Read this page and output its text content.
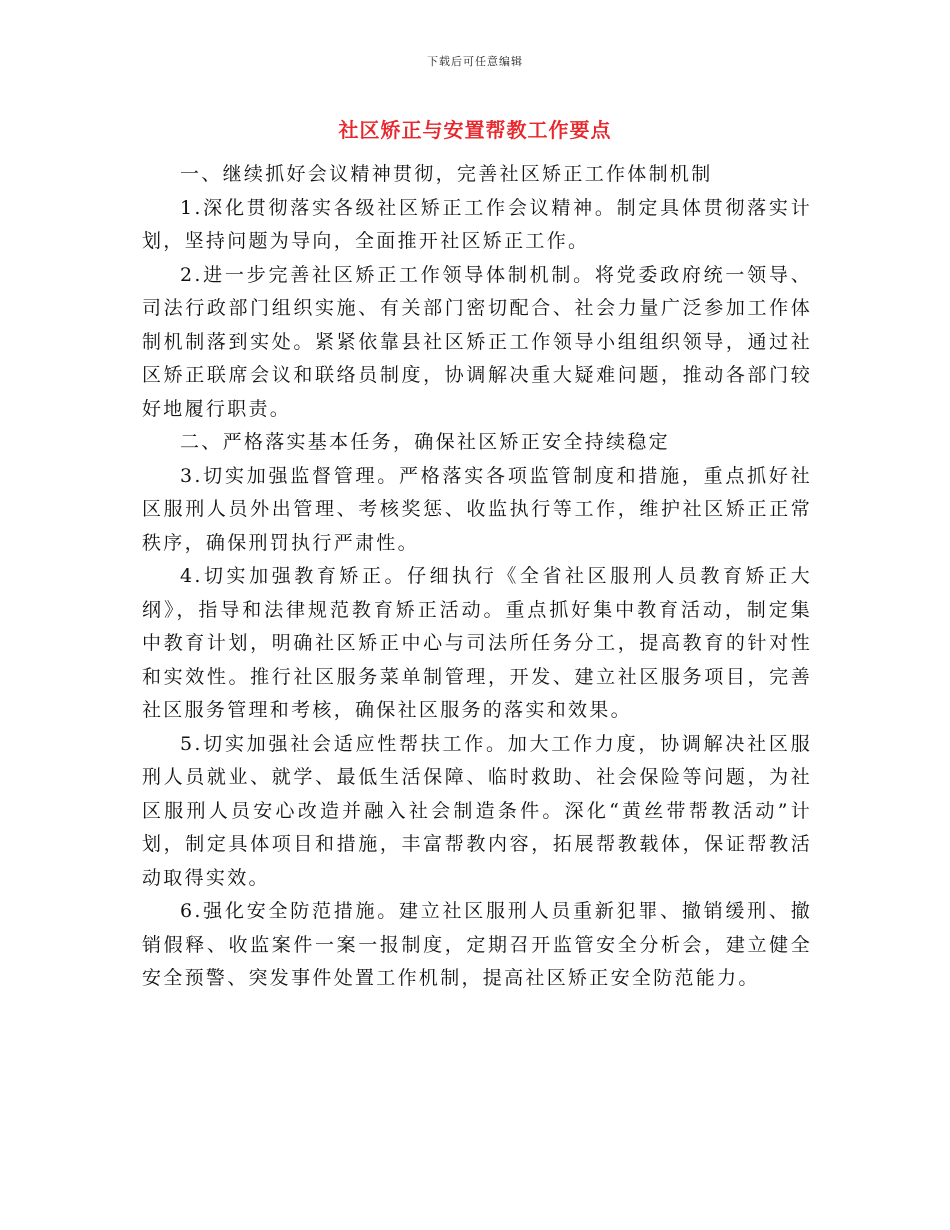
下载后可任意编辑
社区矫正与安置帮教工作要点

一、继续抓好会议精神贯彻，完善社区矫正工作体制机制

1.深化贯彻落实各级社区矫正工作会议精神。制定具体贯彻落实计划，坚持问题为导向，全面推开社区矫正工作。

2.进一步完善社区矫正工作领导体制机制。将党委政府统一领导、司法行政部门组织实施、有关部门密切配合、社会力量广泛参加工作体制机制落到实处。紧紧依靠县社区矫正工作领导小组组织领导，通过社区矫正联席会议和联络员制度，协调解决重大疑难问题，推动各部门较好地履行职责。

二、严格落实基本任务，确保社区矫正安全持续稳定

3.切实加强监督管理。严格落实各项监管制度和措施，重点抓好社区服刑人员外出管理、考核奖惩、收监执行等工作，维护社区矫正正常秩序，确保刑罚执行严肃性。

4.切实加强教育矫正。仔细执行《全省社区服刑人员教育矫正大纲》，指导和法律规范教育矫正活动。重点抓好集中教育活动，制定集中教育计划，明确社区矫正中心与司法所任务分工，提高教育的针对性和实效性。推行社区服务菜单制管理，开发、建立社区服务项目，完善社区服务管理和考核，确保社区服务的落实和效果。

5.切实加强社会适应性帮扶工作。加大工作力度，协调解决社区服刑人员就业、就学、最低生活保障、临时救助、社会保险等问题，为社区服刑人员安心改造并融入社会制造条件。深化“黄丝带帮教活动”计划，制定具体项目和措施，丰富帮教内容，拓展帮教载体，保证帮教活动取得实效。

6.强化安全防范措施。建立社区服刑人员重新犯罪、撤销缓刑、撤销假释、收监案件一案一报制度，定期召开监管安全分析会，建立健全安全预警、突发事件处置工作机制，提高社区矫正安全防范能力。
